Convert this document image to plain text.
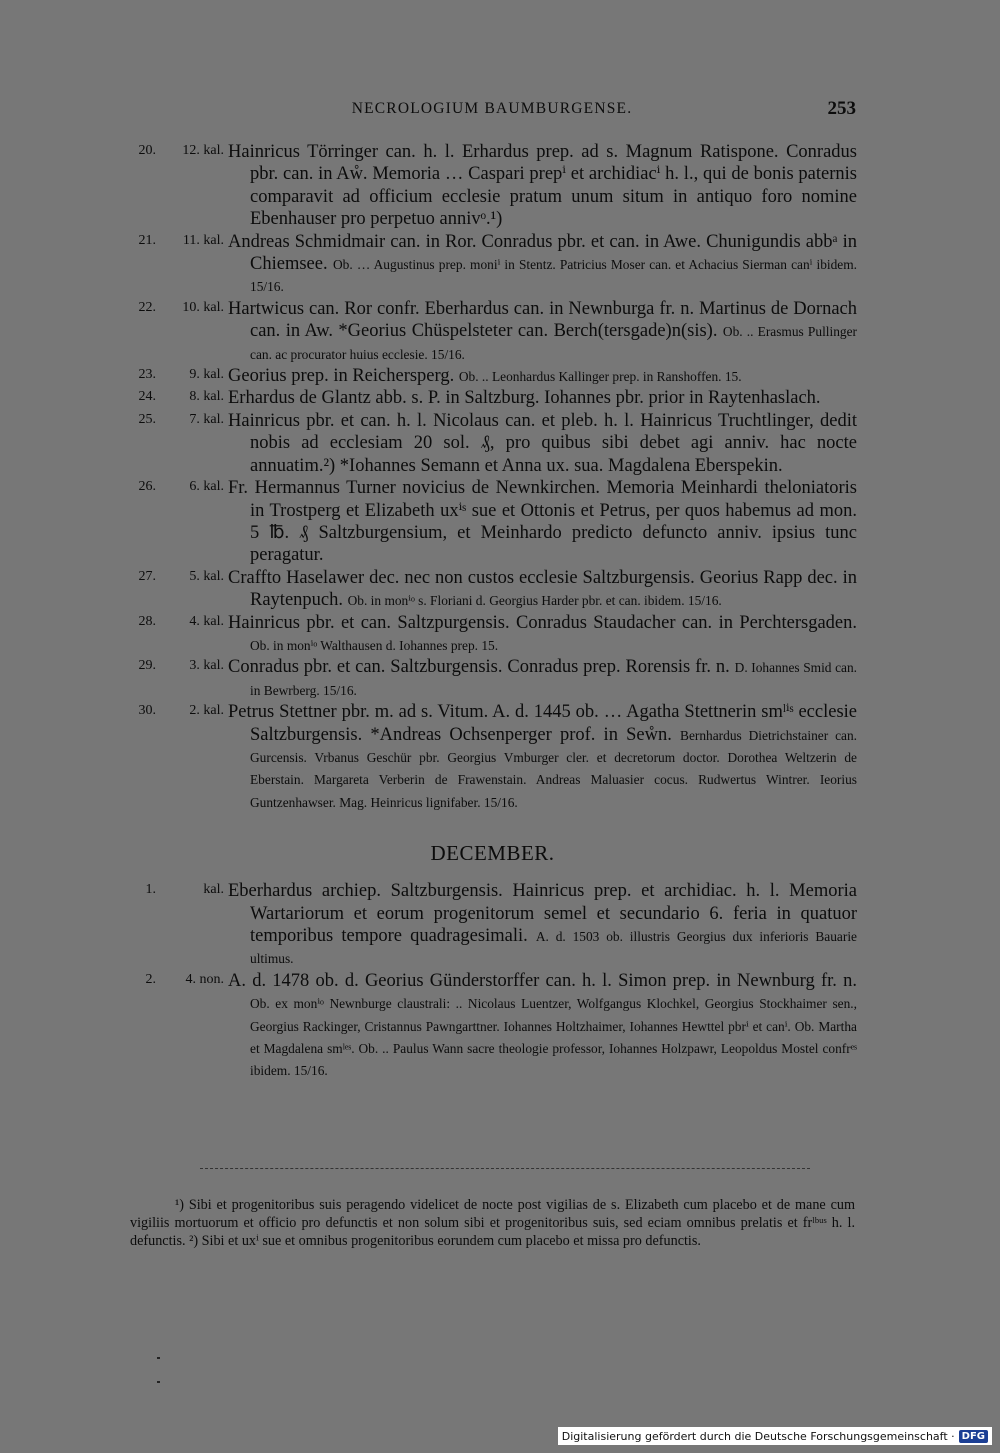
NECROLOGIUM BAUMBURGENSE.	253
20.	12. kal. Hainricus Törringer can. h. l. Erhardus prep. ad s. Magnum Ratispone. Conradus pbr. can. in Aẘ. Memoria … Caspari prepⁱ et archidiacⁱ h. l., qui de bonis paternis comparavit ad officium ecclesie pratum unum situm in antiquo foro nomine Ebenhauser pro perpetuo annivᵒ.¹)
21.	11. kal. Andreas Schmidmair can. in Ror. Conradus pbr. et can. in Awe. Chunigundis abbᵃ in Chiemsee. Ob. … Augustinus prep. moniⁱ in Stentz. Patricius Moser can. et Achacius Sierman canⁱ ibidem. 15/16.
22.	10. kal. Hartwicus can. Ror confr. Eberhardus can. in Newnburga fr. n. Martinus de Dornach can. in Aw. *Georius Chüspelsteter can. Berch(tersgade)n(sis). Ob. .. Erasmus Pullinger can. ac procurator huius ecclesie. 15/16.
23.	9. kal. Georius prep. in Reichersperg. Ob. .. Leonhardus Kallinger prep. in Ranshoffen. 15.
24.	8. kal. Erhardus de Glantz abb. s. P. in Saltzburg. Iohannes pbr. prior in Raytenhaslach.
25.	7. kal. Hainricus pbr. et can. h. l. Nicolaus can. et pleb. h. l. Hainricus Truchtlinger, dedit nobis ad ecclesiam 20 sol. ₰, pro quibus sibi debet agi anniv. hac nocte annuatim.²) *Iohannes Semann et Anna ux. sua. Magdalena Eberspekin.
26.	6. kal. Fr. Hermannus Turner novicius de Newnkirchen. Memoria Meinhardi theloniatoris in Trostperg et Elizabeth uxⁱˢ sue et Ottonis et Petrus, per quos habemus ad mon. 5 ℔. ₰ Saltzburgensium, et Meinhardo predicto defuncto anniv. ipsius tunc peragatur.
27.	5. kal. Craffto Haselawer dec. nec non custos ecclesie Saltzburgensis. Georius Rapp dec. in Raytenpuch. Ob. in monⁱᵒ s. Floriani d. Georgius Harder pbr. et can. ibidem. 15/16.
28.	4. kal. Hainricus pbr. et can. Saltzpurgensis. Conradus Staudacher can. in Perchtersgaden. Ob. in monⁱᵒ Walthausen d. Iohannes prep. 15.
29.	3. kal. Conradus pbr. et can. Saltzburgensis. Conradus prep. Rorensis fr. n. D. Iohannes Smid can. in Bewrberg. 15/16.
30.	2. kal. Petrus Stettner pbr. m. ad s. Vitum. A. d. 1445 ob. … Agatha Stettnerin smˡⁱˢ ecclesie Saltzburgensis. *Andreas Ochsenperger prof. in Seẘn. Bernhardus Dietrichstainer can. Gurcensis. Vrbanus Geschür pbr. Georgius Vmburger cler. et decretorum doctor. Dorothea Weltzerin de Eberstain. Margareta Verberin de Frawenstain. Andreas Maluasier cocus. Rudwertus Wintrer. Ieorius Guntzenhawser. Mag. Heinricus lignifaber. 15/16.
DECEMBER.
1.	kal. Eberhardus archiep. Saltzburgensis. Hainricus prep. et archidiac. h. l. Memoria Wartariorum et eorum progenitorum semel et secundario 6. feria in quatuor temporibus tempore quadragesimali. A. d. 1503 ob. illustris Georgius dux inferioris Bauarie ultimus.
2.	4. non. A. d. 1478 ob. d. Georius Günderstorffer can. h. l. Simon prep. in Newnburg fr. n. Ob. ex monⁱᵒ Newnburge claustrali: .. Nicolaus Luentzer, Wolfgangus Klochkel, Georgius Stockhaimer sen., Georgius Rackinger, Cristannus Pawngarttner. Iohannes Holtzhaimer, Iohannes Hewttel pbrⁱ et canⁱ. Ob. Martha et Magdalena smˡᵉˢ. Ob. .. Paulus Wann sacre theologie professor, Iohannes Holzpawr, Leopoldus Mostel confrᵉˢ ibidem. 15/16.

¹) Sibi et progenitoribus suis peragendo videlicet de nocte post vigilias de s. Elizabeth cum placebo et de mane cum vigiliis mortuorum et officio pro defunctis et non solum sibi et progenitoribus suis, sed eciam omnibus prelatis et frˡᵇᵘˢ h. l. defunctis. ²) Sibi et uxⁱ sue et omnibus progenitoribus eorundem cum placebo et missa pro defunctis.

Digitalisierung gefördert durch die Deutsche Forschungsgemeinschaft · DFG
